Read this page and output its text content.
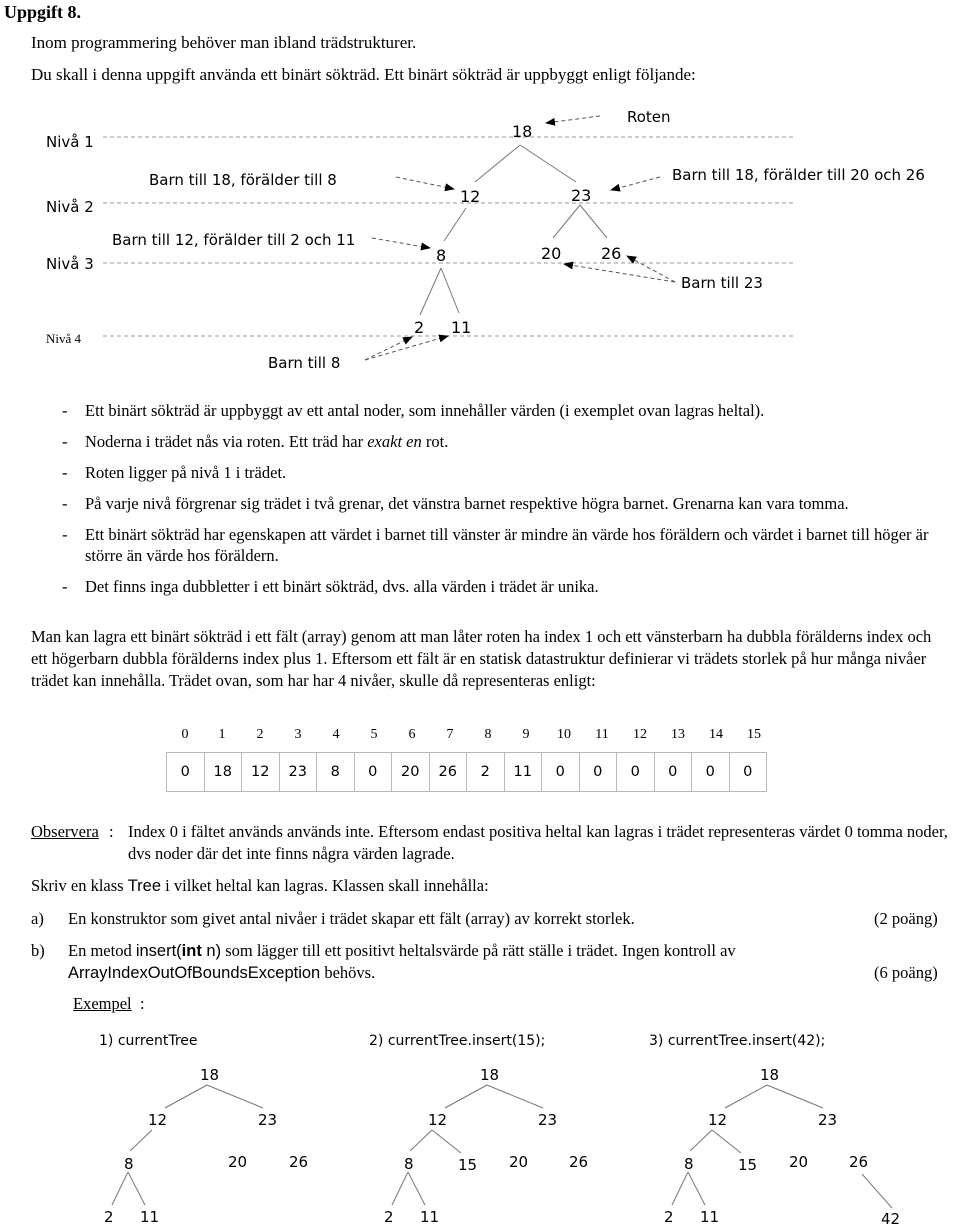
Uppgift 8.
Inom programmering behöver man ibland trädstrukturer.
Du skall i denna uppgift använda ett binärt sökträd. Ett binärt sökträd är uppbyggt enligt följande:
Nivå 1
Nivå 2
Nivå 3
Nivå 4
18
12	23
8	20 26
2 11
Roten
Barn till 18, förälder till 8	Barn till 18, förälder till 20 och 26
Barn till 12, förälder till 2 och 11
Barn till 23
Barn till 8
- Ett binärt sökträd är uppbyggt av ett antal noder, som innehåller värden (i exemplet ovan lagras heltal).
- Noderna i trädet nås via roten. Ett träd har exakt en rot.
- Roten ligger på nivå 1 i trädet.
- På varje nivå förgrenar sig trädet i två grenar, det vänstra barnet respektive högra barnet. Grenarna kan vara tomma.
- Ett binärt sökträd har egenskapen att värdet i barnet till vänster är mindre än värde hos föräldern och värdet i barnet till höger är större än värde hos föräldern.
- Det finns inga dubbletter i ett binärt sökträd, dvs. alla värden i trädet är unika.

Man kan lagra ett binärt sökträd i ett fält (array) genom att man låter roten ha index 1 och ett vänsterbarn ha dubbla förälderns index och ett högerbarn dubbla förälderns index plus 1. Eftersom ett fält är en statisk datastruktur definierar vi trädets storlek på hur många nivåer trädet kan innehålla. Trädet ovan, som har har 4 nivåer, skulle då representeras enligt:

0	1	2	3	4	5	6	7	8	9	10	11	12	13	14	15
0	18	12	23	8	0	20	26	2	11	0	0	0	0	0	0
Observera : Index 0 i fältet används används inte. Eftersom endast positiva heltal kan lagras i trädet representeras värdet 0 tomma noder, dvs noder där det inte finns några värden lagrade.
Skriv en klass Tree i vilket heltal kan lagras. Klassen skall innehålla:
a) En konstruktor som givet antal nivåer i trädet skapar ett fält (array) av korrekt storlek.	(2 poäng)
b) En metod insert(int n) som lägger till ett positivt heltalsvärde på rätt ställe i trädet. Ingen kontroll av ArrayIndexOutOfBoundsException behövs.	(6 poäng)
Exempel :
1) currentTree	2) currentTree.insert(15);	3) currentTree.insert(42);
18
12	23
8	20	26
2 11
18
12	23
8	15 20	26
2 11
18
12	23
8	15 20	26
2 11	42
